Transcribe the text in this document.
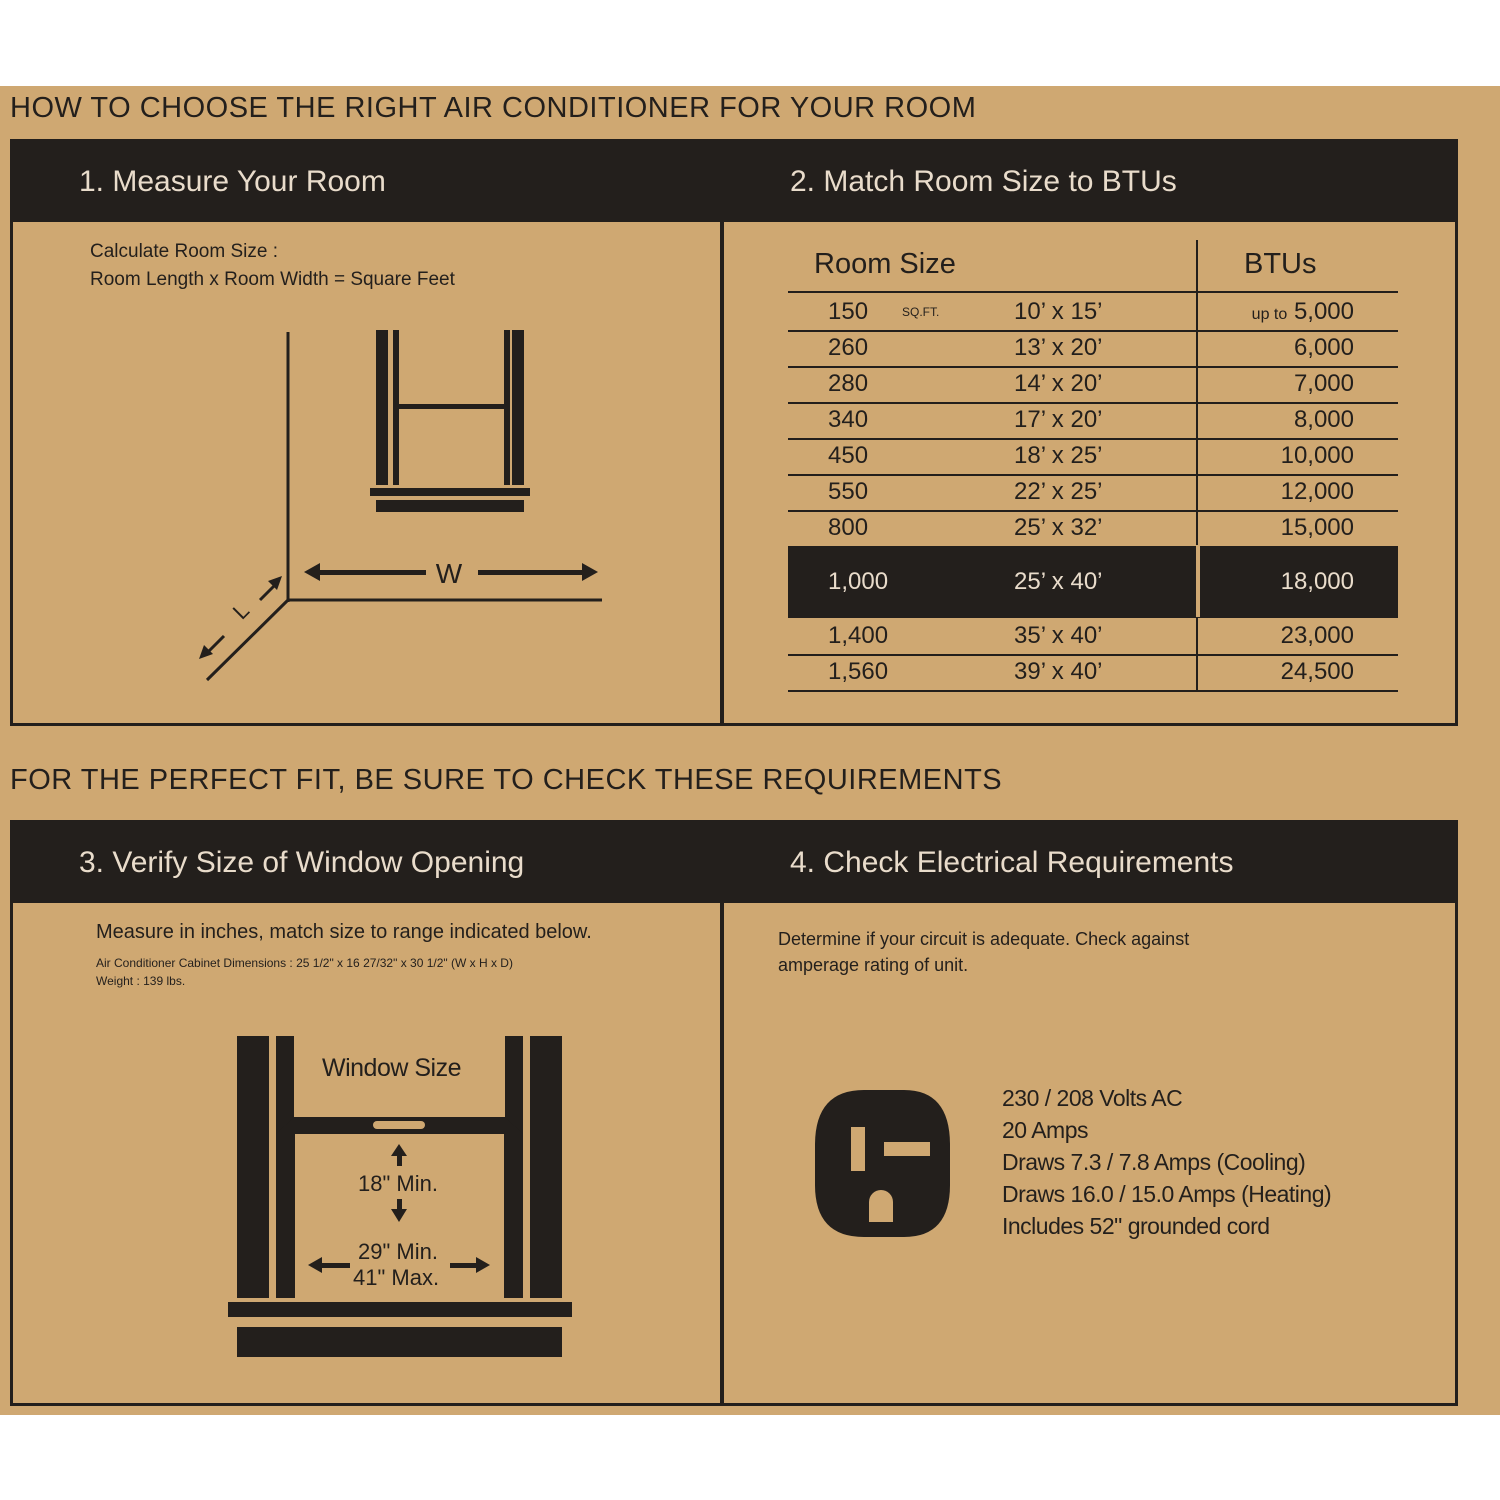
HOW TO CHOOSE THE RIGHT AIR CONDITIONER FOR YOUR ROOM
1. Measure Your Room
Calculate Room Size :
Room Length x Room Width = Square Feet
W
L
2. Match Room Size to BTUs
Room Size	BTUs
150	SQ.FT.	10’ x 15’	up to 5,000
260	13’ x 20’	6,000
280	14’ x 20’	7,000
340	17’ x 20’	8,000
450	18’ x 25’	10,000
550	22’ x 25’	12,000
800	25’ x 32’	15,000
1,000	25’ x 40’	18,000
1,400	35’ x 40’	23,000
1,560	39’ x 40’	24,500
FOR THE PERFECT FIT, BE SURE TO CHECK THESE REQUIREMENTS
3. Verify Size of Window Opening
Measure in inches, match size to range indicated below.
Air Conditioner Cabinet Dimensions : 25 1/2" x 16 27/32" x 30 1/2" (W x H x D)
Weight : 139 lbs.
Window Size
18" Min.
29" Min.
41" Max.
4. Check Electrical Requirements
Determine if your circuit is adequate. Check against
amperage rating of unit.
230 / 208 Volts AC
20 Amps
Draws 7.3 / 7.8 Amps (Cooling)
Draws 16.0 / 15.0 Amps (Heating)
Includes 52" grounded cord
